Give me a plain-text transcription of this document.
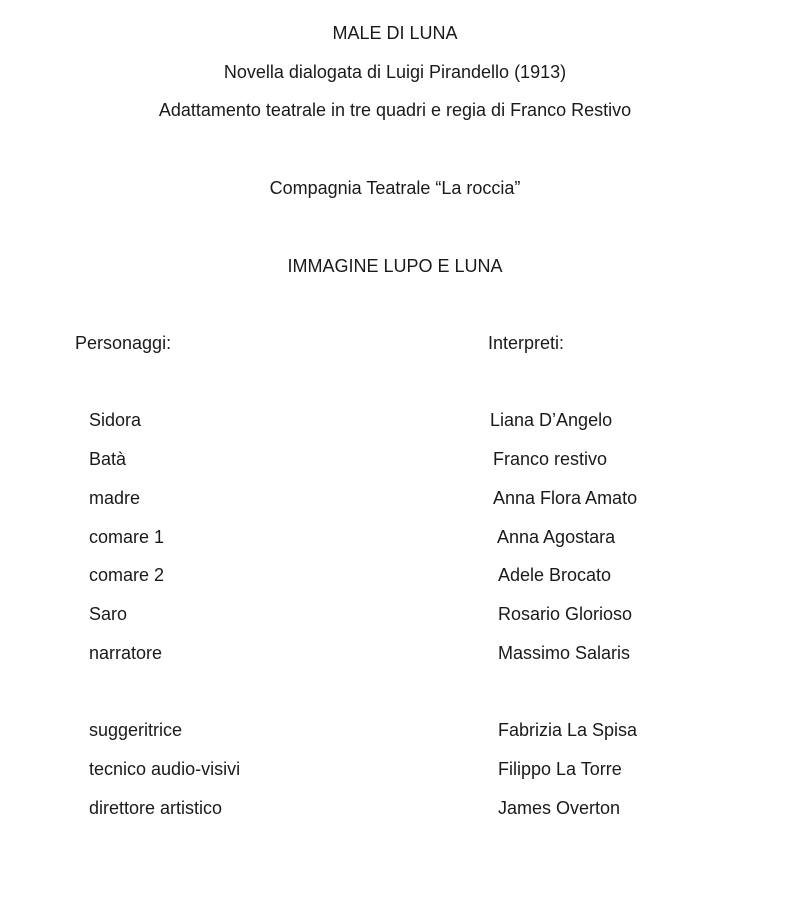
MALE DI LUNA
Novella dialogata di Luigi Pirandello (1913)
Adattamento teatrale in tre quadri e regia di Franco Restivo
Compagnia Teatrale “La roccia”
IMMAGINE LUPO E LUNA
Personaggi:	Interpreti:
Sidora	Liana D’Angelo
Batà	Franco restivo
madre	Anna Flora Amato
comare 1	Anna Agostara
comare 2	Adele Brocato
Saro	Rosario Glorioso
narratore	Massimo Salaris
suggeritrice	Fabrizia La Spisa
tecnico audio-visivi	Filippo La Torre
direttore artistico	James Overton
